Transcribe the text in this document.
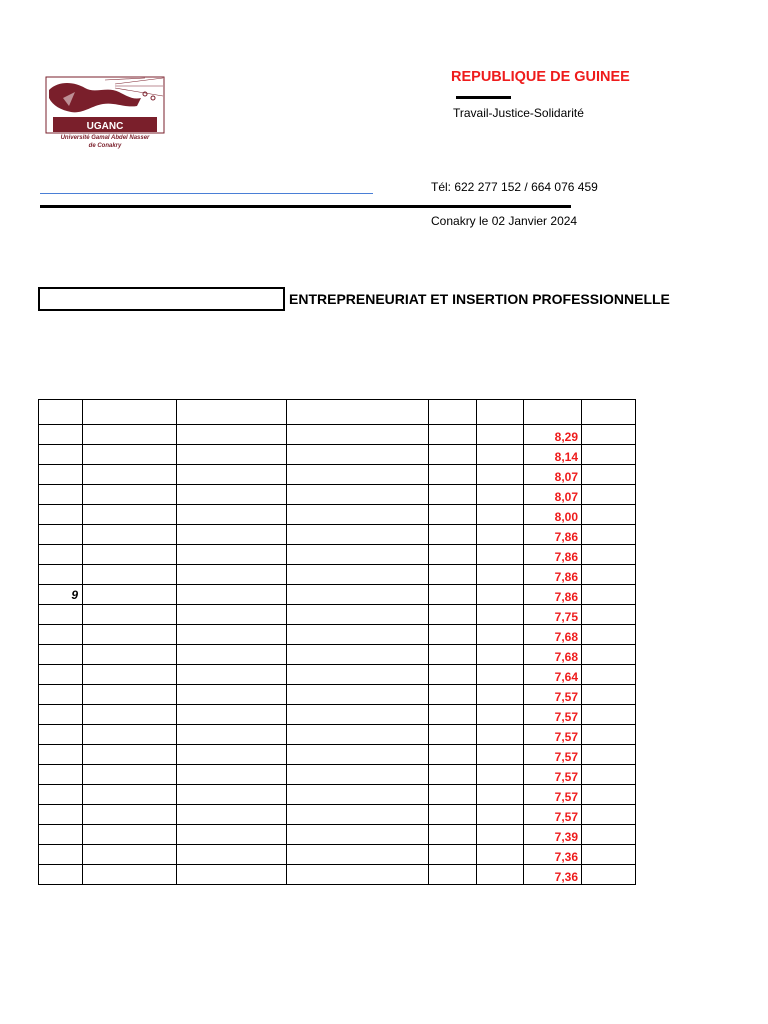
UGANC
Université Gamal Abdel Nasser
de Conakry
REPUBLIQUE DE GUINEE
Travail-Justice-Solidarité
Tél: 622 277 152 / 664 076 459
Conakry le 02 Janvier 2024
ENTREPRENEURIAT ET INSERTION PROFESSIONNELLE

						8,29	
						8,14	
						8,07	
						8,07	
						8,00	
						7,86	
						7,86	
						7,86	
9						7,86	
						7,75	
						7,68	
						7,68	
						7,64	
						7,57	
						7,57	
						7,57	
						7,57	
						7,57	
						7,57	
						7,57	
						7,39	
						7,36	
						7,36	
